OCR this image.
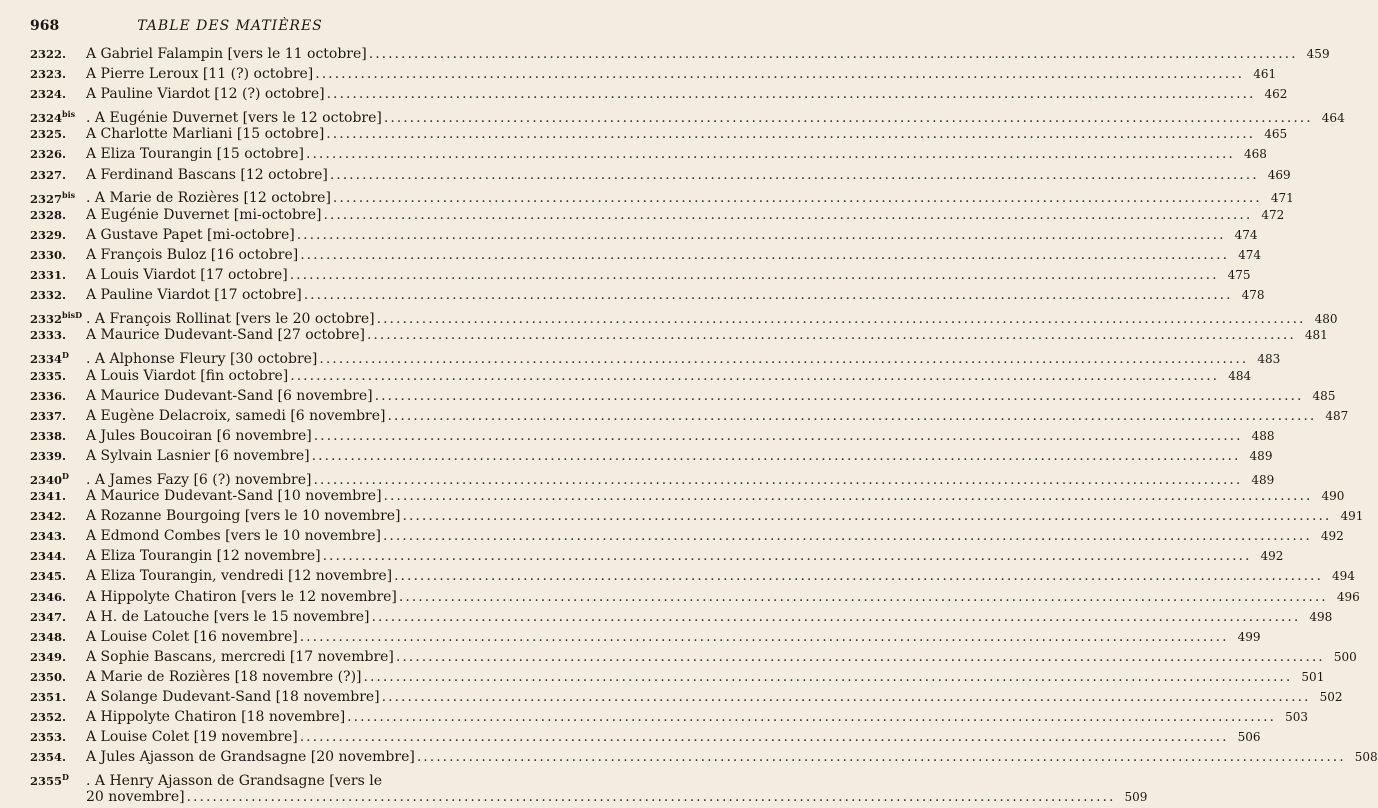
968	TABLE DES MATIÈRES
2322.	A Gabriel Falampin [vers le 11 octobre] .....	459
2323.	A Pierre Leroux [11 (?) octobre] .....	461
2324.	A Pauline Viardot [12 (?) octobre] .....	462
$2324^{bis}$ . A Eugénie Duvernet [vers le 12 octobre] .....	464
2325.	A Charlotte Marliani [15 octobre] .....	465
2326.	A Eliza Tourangin [15 octobre] .....	468
2327.	A Ferdinand Bascans [12 octobre] .....	469
$2327^{bis}$ . A Marie de Rozières [12 octobre] .....	471
2328.	A Eugénie Duvernet [mi-octobre] .....	472
2329.	A Gustave Papet [mi-octobre] .....	474
2330.	A François Buloz [16 octobre] .....	474
2331.	A Louis Viardot [17 octobre] .....	475
2332.	A Pauline Viardot [17 octobre] .....	478
$2332^{bisD}$ . A François Rollinat [vers le 20 octobre] .....	480
2333.	A Maurice Dudevant-Sand [27 octobre] .....	481
$2334^D$	. A Alphonse Fleury [30 octobre] .....	483
2335.	A Louis Viardot [fin octobre] .....	484
2336.	A Maurice Dudevant-Sand [6 novembre] .....	485
2337.	A Eugène Delacroix, samedi [6 novembre] .....	487
2338.	A Jules Boucoiran [6 novembre] .....	488
2339.	A Sylvain Lasnier [6 novembre] .....	489
$2340^D$	. A James Fazy [6 (?) novembre] .....	489
2341.	A Maurice Dudevant-Sand [10 novembre] .....	490
2342.	A Rozanne Bourgoing [vers le 10 novembre] .....	491
2343.	A Edmond Combes [vers le 10 novembre] .....	492
2344.	A Eliza Tourangin [12 novembre] .....	492
2345.	A Eliza Tourangin, vendredi [12 novembre] .....	494
2346.	A Hippolyte Chatiron [vers le 12 novembre] .....	496
2347.	A H. de Latouche [vers le 15 novembre] .....	498
2348.	A Louise Colet [16 novembre] .....	499
2349.	A Sophie Bascans, mercredi [17 novembre] .....	500
2350.	A Marie de Rozières [18 novembre (?)] .....	501
2351.	A Solange Dudevant-Sand [18 novembre] .....	502
2352.	A Hippolyte Chatiron [18 novembre] .....	503
2353.	A Louise Colet [19 novembre] .....	506
2354.	A Jules Ajasson de Grandsagne [20 novembre] .....	508
$2355^D$	. A Henry Ajasson de Grandsagne [vers le
20 novembre] .....	509
